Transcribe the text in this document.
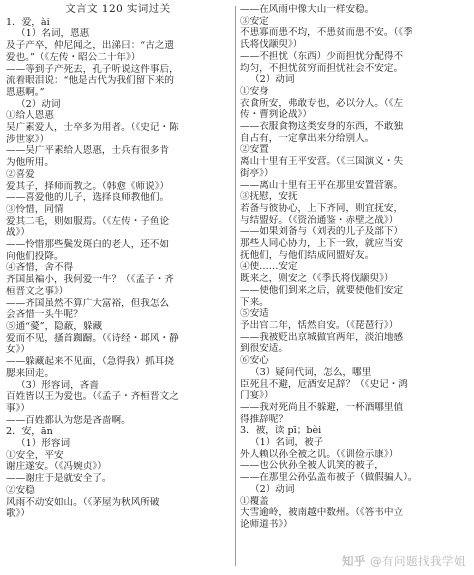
文言文 120 实词过关
1．爱，ài
（1）名词，恩惠
及子产卒，仲尼闻之，出涕曰：“古之遗
爱也。”（《左传・昭公二十年》）
——等到子产死去，孔子听说这件事后，
流着眼泪说：“他是古代为我们留下来的
恩惠啊。”
（2）动词
①给人恩惠
吴广素爱人，士卒多为用者。（《史记・陈
涉世家》）
——吴广平素给人恩惠，士兵有很多肯
为他所用。
②喜爱
爱其子，择师而教之。（韩愈《师说》）
——喜爱他的儿子，选择良师教他们。
③怜惜，同情
爱其二毛，则如服焉。（《左传・子鱼论
战》）
——怜惜那些鬓发斑白的老人，还不如
向他们投降。
④吝惜，舍不得
齐国虽褊小，我何爱一牛？（《孟子・齐
桓晋文之事》）
——齐国虽然不算广大富裕，但我怎么
会吝惜一头牛呢？
⑤通“薆”，隐蔽，躲藏
爱而不见，搔首踟蹰。（《诗经・邶风・静
女》）
——躲藏起来不见面，（急得我）抓耳挠
腮来回走。
（3）形容词，吝啬
百姓皆以王为爱也。（《孟子・齐桓晋文之
事》）
——百姓都认为您是吝啬啊。
2．安，ān
（1）形容词
①安全，平安
谢庄遂安。（《冯婉贞》）
——谢庄于是就安全了。
②安稳
风雨不动安如山。（《茅屋为秋风所破
歌》）
——在风雨中像大山一样安稳。
③安定
不患寡而患不均，不患贫而患不安。（《季
氏将伐颛臾》）
——不担忧（东西）少而担忧分配得不
均匀，不担忧贫穷而担忧社会不安定。
（2）动词
①安身
衣食所安，弗敢专也，必以分人。（《左
传・曹刿论战》）
——衣服食物这类安身的东西，不敢独
自占有，一定拿出来分给别人。
②安置
离山十里有王平安营。（《三国演义・失
街亭》）
——离山十里有王平在那里安置营寨。
③抚慰，安抚
若备与彼协心，上下齐同，则宜抚安，
与结盟好。（《资治通鉴・赤壁之战》）
——如果刘备与（刘表的儿子及部下）
那些人同心协力，上下一致，就应当安
抚他们，与他们结成同盟好友。
④使……安定
既来之，则安之（《季氏将伐颛臾》）
——使他们到来之后，就要使他们安定
下来。
⑤安适
予出官二年，恬然自安。（《琵琶行》）
——我被贬出京城做官两年，淡泊地感
到很安适。
⑥安心
（3）疑问代词，怎么，哪里
臣死且不避，卮酒安足辞？（《史记・鸿
门宴》）
——我对死尚且不躲避，一杯酒哪里值
得推辞呢？
3．被，读 pī；bèi
（1）名词，被子
外人赖以孙全被之讥。（《训俭示康》）
——也公伙孙全被人讥笑的被子，
——在那里公孙弘盖布被子（做假骗人）。
（2）动词
①覆盖
大雪逾岭，被南越中数州。（《答韦中立
论师道书》）
知乎 @有问题找我学姐
